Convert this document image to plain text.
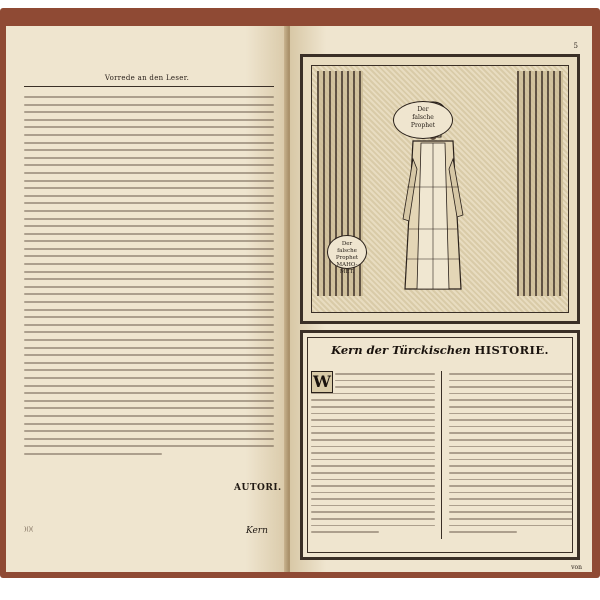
Vorrede an den Leser.
AUTORI.
)()(	Kern
5
Der
falsche
Prophet
Der
falsche
Prophet
MAHO-
MET.
Kern der Türckischen HISTORIE.
W
von
